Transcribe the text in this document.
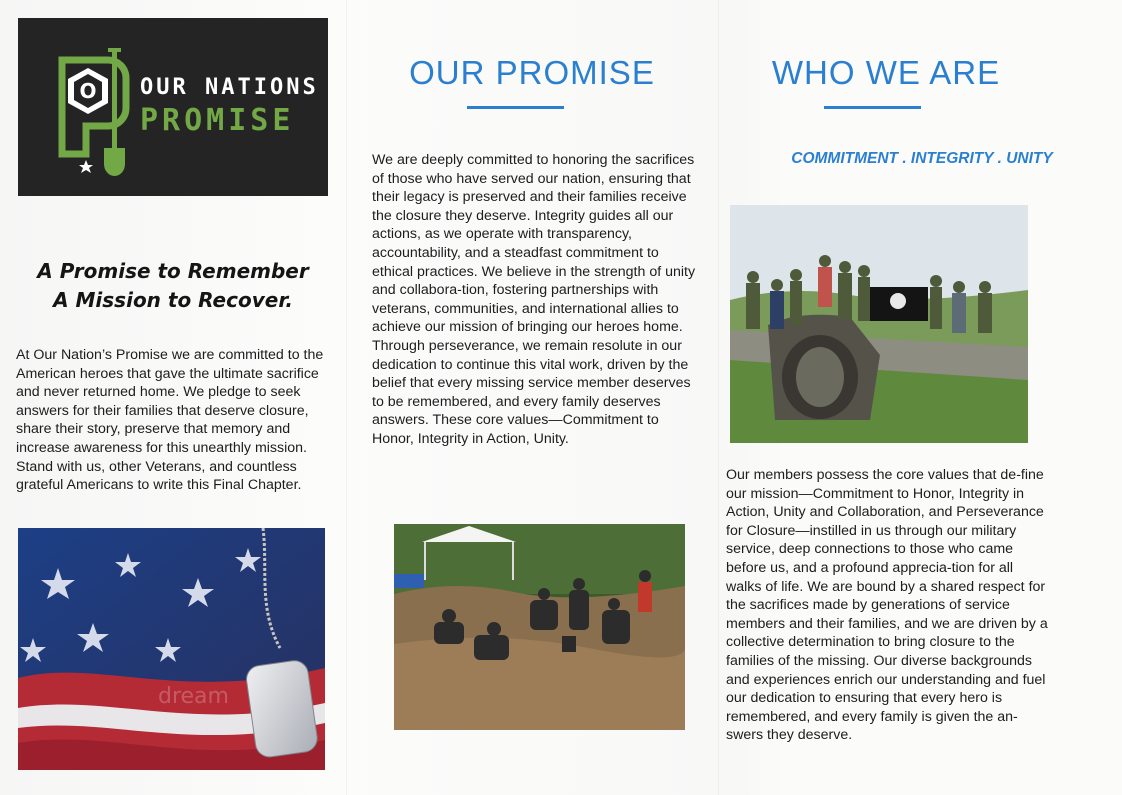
O OUR NATIONS
PROMISE
A Promise to Remember
A Mission to Recover.

At Our Nation’s Promise we are committed to the American heroes that gave the ultimate sacrifice and never returned home. We pledge to seek answers for their families that deserve closure, share their story, preserve that memory and increase awareness for this unearthly mission. Stand with us, other Veterans, and countless grateful Americans to write this Final Chapter.

dream
OUR PROMISE

We are deeply committed to honoring the sacrifices of those who have served our nation, ensuring that their legacy is preserved and their families receive the closure they deserve. Integrity guides all our actions, as we operate with transparency, accountability, and a steadfast commitment to ethical practices. We believe in the strength of unity and collabora-tion, fostering partnerships with veterans, communities, and international allies to achieve our mission of bringing our heroes home. Through perseverance, we remain resolute in our dedication to continue this vital work, driven by the belief that every missing service member deserves to be remembered, and every family deserves answers. These core values—Commitment to Honor, Integrity in Action, Unity.

WHO WE ARE
COMMITMENT . INTEGRITY . UNITY

Our members possess the core values that de-fine our mission—Commitment to Honor, Integrity in Action, Unity and Collaboration, and Perseverance for Closure—instilled in us through our military service, deep connections to those who came before us, and a profound apprecia-tion for all walks of life. We are bound by a shared respect for the sacrifices made by generations of service members and their families, and we are driven by a collective determination to bring closure to the families of the missing. Our diverse backgrounds and experiences enrich our understanding and fuel our dedication to ensuring that every hero is remembered, and every family is given the an-swers they deserve.
